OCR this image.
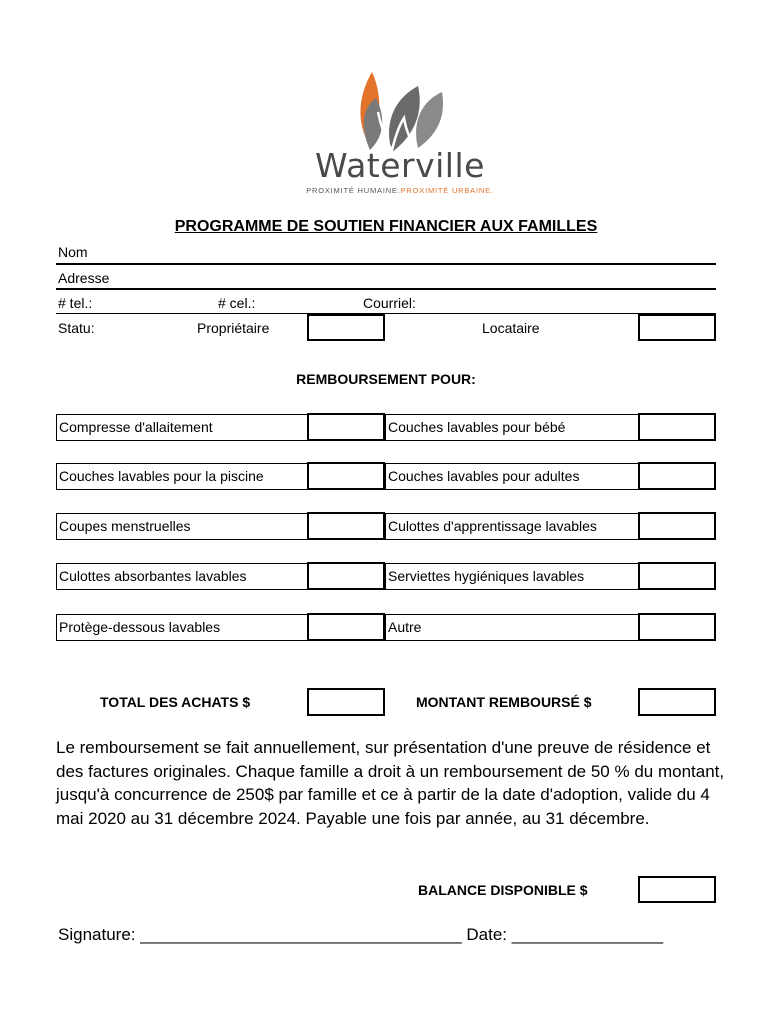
Waterville
PROXIMITÉ HUMAINE.PROXIMITÉ URBAINE.
PROGRAMME DE SOUTIEN FINANCIER AUX FAMILLES
Nom
Adresse
# tel.:	# cel.:	Courriel:
Statu:	Propriétaire	Locataire
REMBOURSEMENT POUR:
Compresse d'allaitement	Couches lavables pour bébé
Couches lavables pour la piscine	Couches lavables pour adultes
Coupes menstruelles	Culottes d'apprentissage lavables
Culottes absorbantes lavables	Serviettes hygiéniques lavables
Protège-dessous lavables	Autre
TOTAL DES ACHATS $	MONTANT REMBOURSÉ $
Le remboursement se fait annuellement, sur présentation d'une preuve de résidence et des factures originales. Chaque famille a droit à un remboursement de 50 % du montant, jusqu'à concurrence de 250$ par famille et ce à partir de la date d'adoption, valide du 4 mai 2020 au 31 décembre 2024. Payable une fois par année, au 31 décembre.
BALANCE DISPONIBLE $
Signature: __________________________________ Date: ________________
